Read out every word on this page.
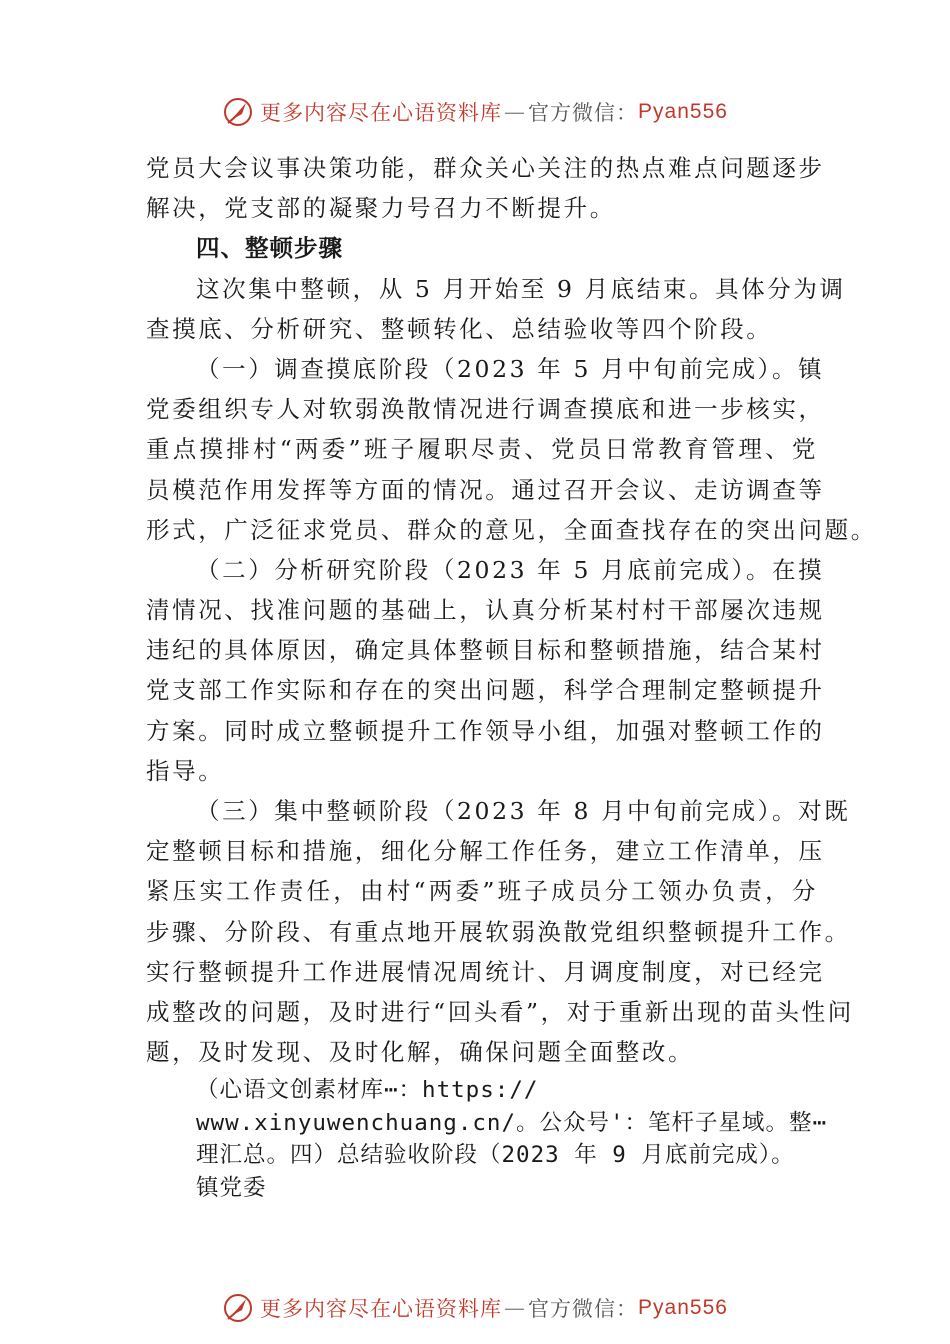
更多内容尽在心语资料库 — 官方微信： Pyan556
党员大会议事决策功能，群众关心关注的热点难点问题逐步
解决，党支部的凝聚力号召力不断提升。
四、整顿步骤
这次集中整顿，从 5 月开始至 9 月底结束。具体分为调
查摸底、分析研究、整顿转化、总结验收等四个阶段。
（一）调查摸底阶段（2023 年 5 月中旬前完成）。镇
党委组织专人对软弱涣散情况进行调查摸底和进一步核实，
重点摸排村“两委”班子履职尽责、党员日常教育管理、党
员模范作用发挥等方面的情况。通过召开会议、走访调查等
形式，广泛征求党员、群众的意见，全面查找存在的突出问题。
（二）分析研究阶段（2023 年 5 月底前完成）。在摸
清情况、找准问题的基础上，认真分析某村村干部屡次违规
违纪的具体原因，确定具体整顿目标和整顿措施，结合某村
党支部工作实际和存在的突出问题，科学合理制定整顿提升
方案。同时成立整顿提升工作领导小组，加强对整顿工作的
指导。
（三）集中整顿阶段（2023 年 8 月中旬前完成）。对既
定整顿目标和措施，细化分解工作任务，建立工作清单，压
紧压实工作责任，由村“两委”班子成员分工领办负责，分
步骤、分阶段、有重点地开展软弱涣散党组织整顿提升工作。
实行整顿提升工作进展情况周统计、月调度制度，对已经完
成整改的问题，及时进行“回头看”，对于重新出现的苗头性问
题，及时发现、及时化解，确保问题全面整改。
（心语文创素材库⋯：https://
www.xinyuwenchuang.cn/。公众号'：笔杆子星域。整⋯
理汇总。四）总结验收阶段（2023 年 9 月底前完成）。
镇党委
更多内容尽在心语资料库 — 官方微信： Pyan556
